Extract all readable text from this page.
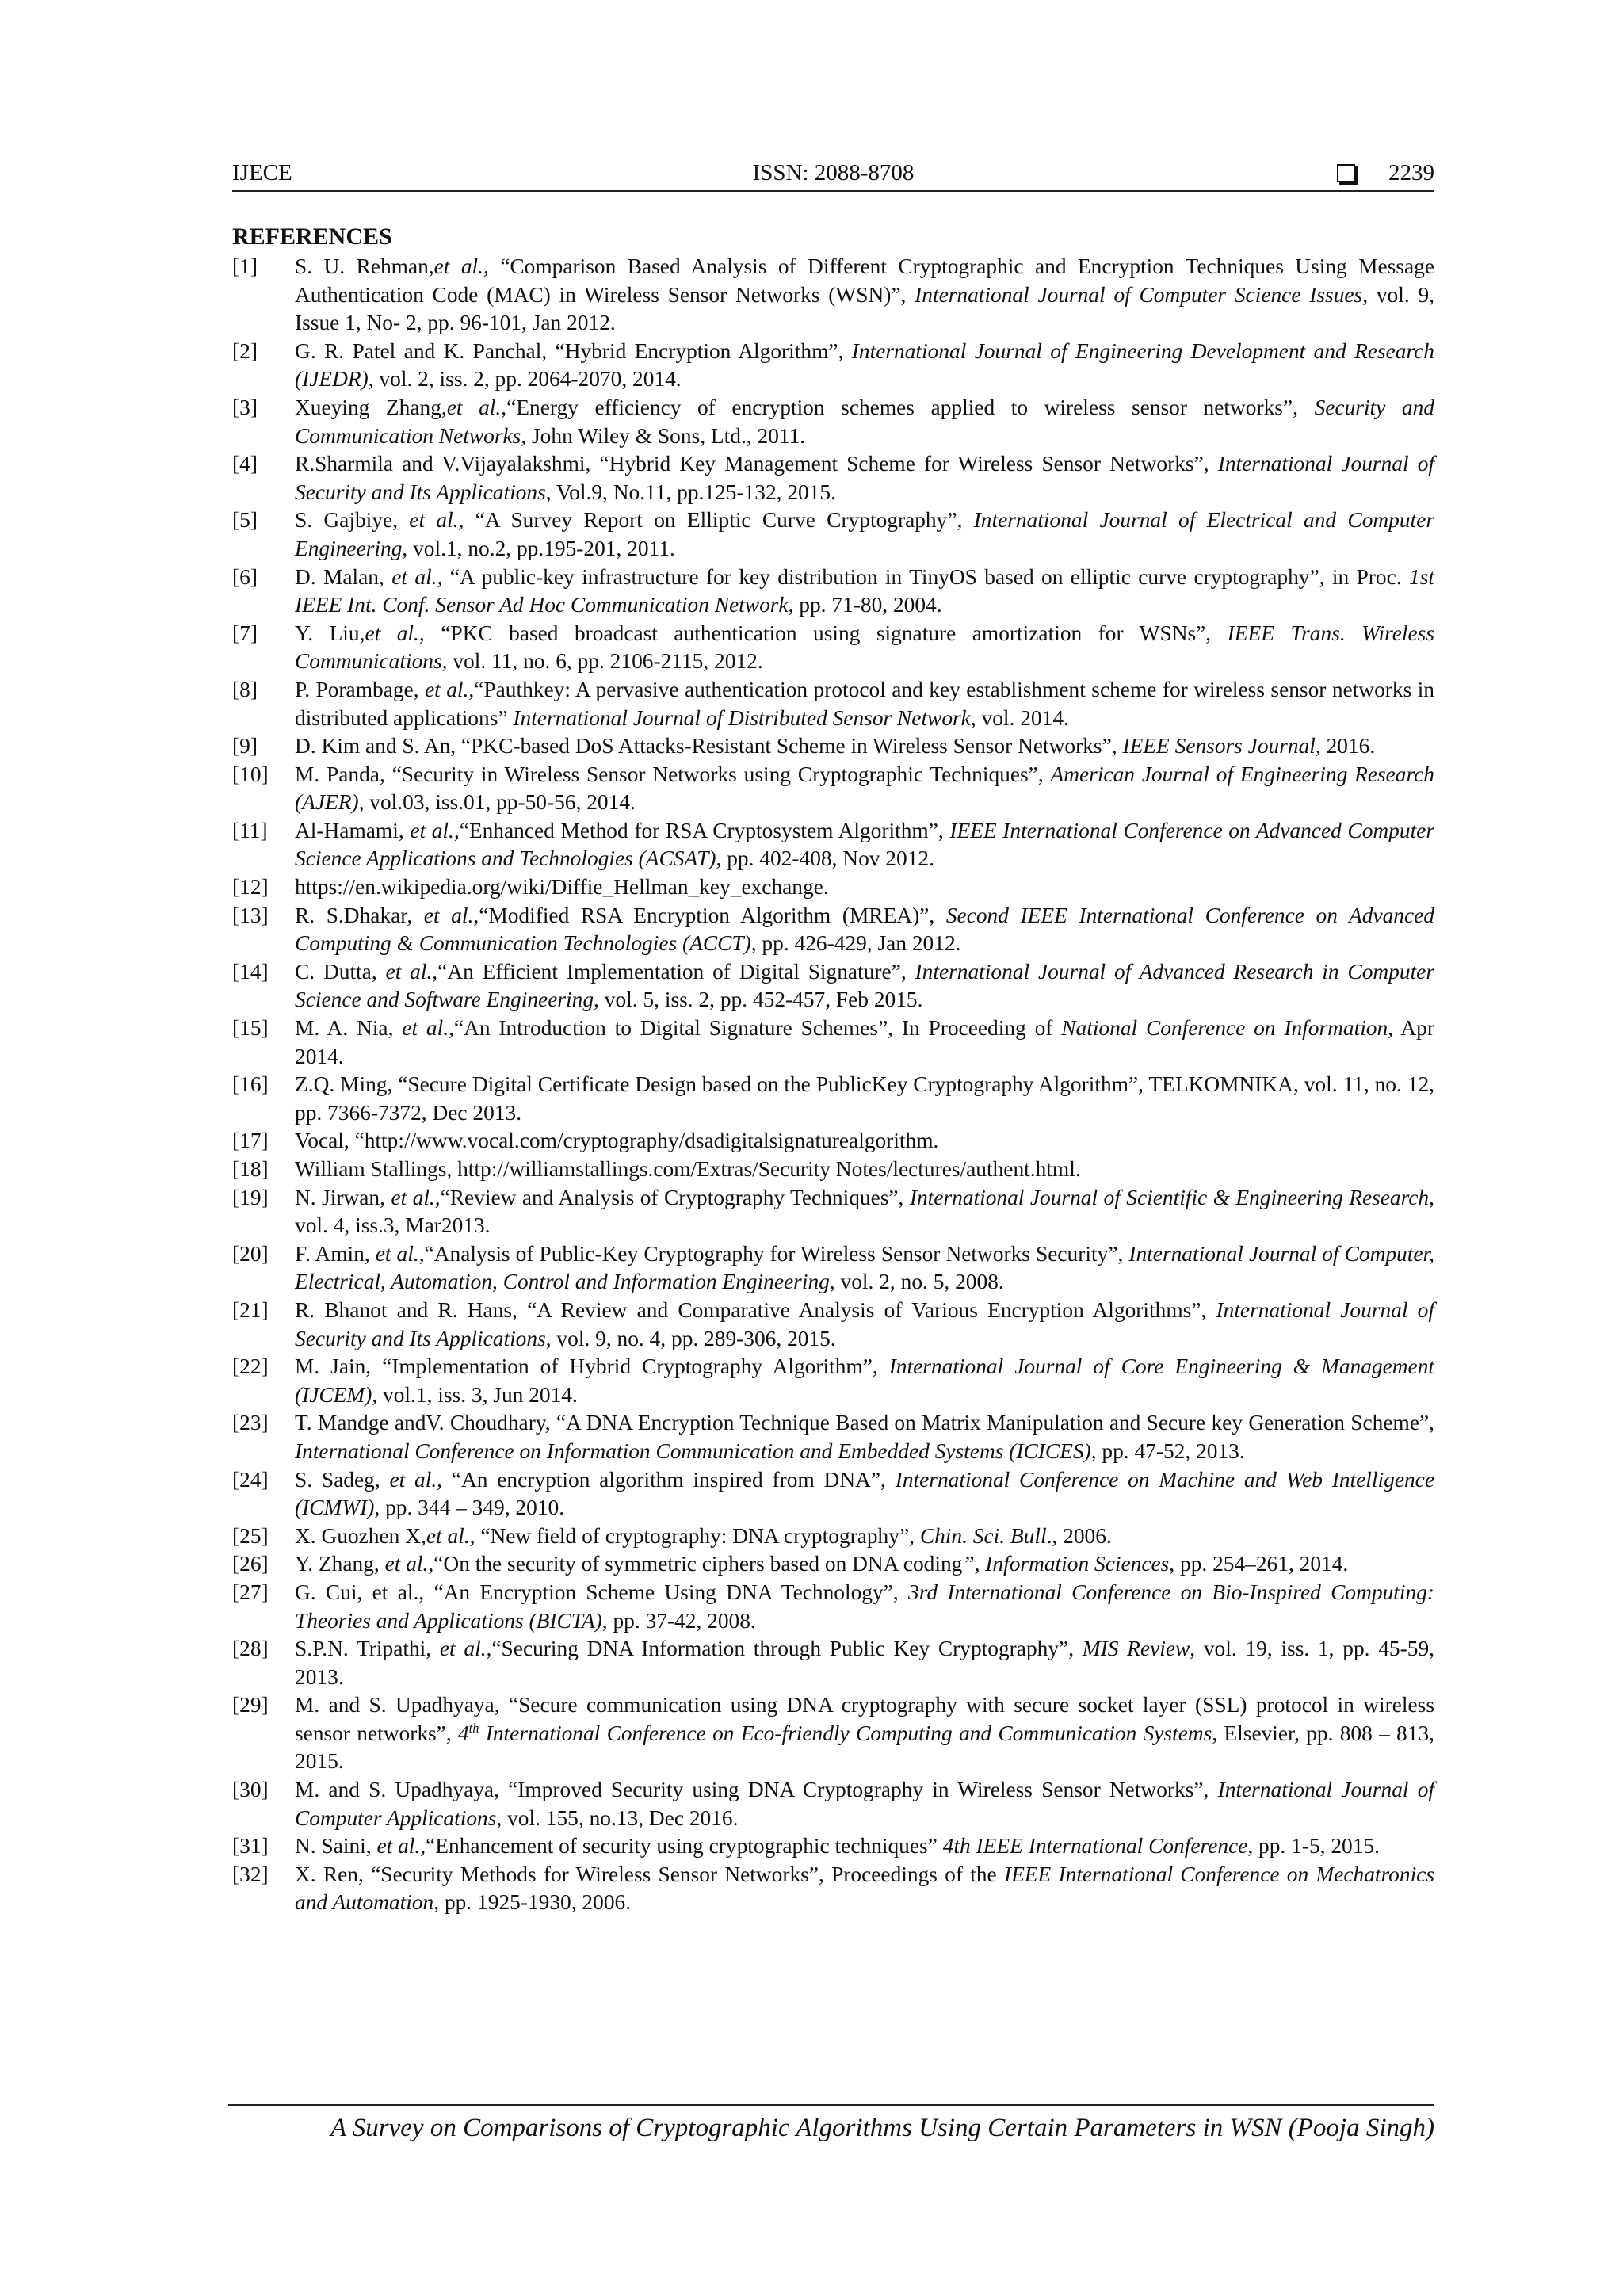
IJECE	ISSN: 2088-8708	2239
REFERENCES
[1]	S. U. Rehman,et al., “Comparison Based Analysis of Different Cryptographic and Encryption Techniques Using Message Authentication Code (MAC) in Wireless Sensor Networks (WSN)”, International Journal of Computer Science Issues, vol. 9, Issue 1, No- 2, pp. 96-101, Jan 2012.
[2]	G. R. Patel and K. Panchal, “Hybrid Encryption Algorithm”, International Journal of Engineering Development and Research (IJEDR), vol. 2, iss. 2, pp. 2064-2070, 2014.
[3]	Xueying Zhang,et al.,“Energy efficiency of encryption schemes applied to wireless sensor networks”, Security and Communication Networks, John Wiley & Sons, Ltd., 2011.
[4]	R.Sharmila and V.Vijayalakshmi, “Hybrid Key Management Scheme for Wireless Sensor Networks”, International Journal of Security and Its Applications, Vol.9, No.11, pp.125-132, 2015.
[5]	S. Gajbiye, et al., “A Survey Report on Elliptic Curve Cryptography”, International Journal of Electrical and Computer Engineering, vol.1, no.2, pp.195-201, 2011.
[6]	D. Malan, et al., “A public-key infrastructure for key distribution in TinyOS based on elliptic curve cryptography”, in Proc. 1st IEEE Int. Conf. Sensor Ad Hoc Communication Network, pp. 71-80, 2004.
[7]	Y. Liu,et al., “PKC based broadcast authentication using signature amortization for WSNs”, IEEE Trans. Wireless Communications, vol. 11, no. 6, pp. 2106-2115, 2012.
[8]	P. Porambage, et al.,“Pauthkey: A pervasive authentication protocol and key establishment scheme for wireless sensor networks in distributed applications” International Journal of Distributed Sensor Network, vol. 2014.
[9]	D. Kim and S. An, “PKC-based DoS Attacks-Resistant Scheme in Wireless Sensor Networks”, IEEE Sensors Journal, 2016.
[10]	M. Panda, “Security in Wireless Sensor Networks using Cryptographic Techniques”, American Journal of Engineering Research (AJER), vol.03, iss.01, pp-50-56, 2014.
[11]	Al-Hamami, et al.,“Enhanced Method for RSA Cryptosystem Algorithm”, IEEE International Conference on Advanced Computer Science Applications and Technologies (ACSAT), pp. 402-408, Nov 2012.
[12]	https://en.wikipedia.org/wiki/Diffie_Hellman_key_exchange.
[13]	R. S.Dhakar, et al.,“Modified RSA Encryption Algorithm (MREA)”, Second IEEE International Conference on Advanced Computing & Communication Technologies (ACCT), pp. 426-429, Jan 2012.
[14]	C. Dutta, et al.,“An Efficient Implementation of Digital Signature”, International Journal of Advanced Research in Computer Science and Software Engineering, vol. 5, iss. 2, pp. 452-457, Feb 2015.
[15]	M. A. Nia, et al.,“An Introduction to Digital Signature Schemes”, In Proceeding of National Conference on Information, Apr 2014.
[16]	Z.Q. Ming, “Secure Digital Certificate Design based on the PublicKey Cryptography Algorithm”, TELKOMNIKA, vol. 11, no. 12, pp. 7366-7372, Dec 2013.
[17]	Vocal, “http://www.vocal.com/cryptography/dsadigitalsignaturealgorithm.
[18]	William Stallings, http://williamstallings.com/Extras/Security Notes/lectures/authent.html.
[19]	N. Jirwan, et al.,“Review and Analysis of Cryptography Techniques”, International Journal of Scientific & Engineering Research, vol. 4, iss.3, Mar2013.
[20]	F. Amin, et al.,“Analysis of Public-Key Cryptography for Wireless Sensor Networks Security”, International Journal of Computer, Electrical, Automation, Control and Information Engineering, vol. 2, no. 5, 2008.
[21]	R. Bhanot and R. Hans, “A Review and Comparative Analysis of Various Encryption Algorithms”, International Journal of Security and Its Applications, vol. 9, no. 4, pp. 289-306, 2015.
[22]	M. Jain, “Implementation of Hybrid Cryptography Algorithm”, International Journal of Core Engineering & Management (IJCEM), vol.1, iss. 3, Jun 2014.
[23]	T. Mandge andV. Choudhary, “A DNA Encryption Technique Based on Matrix Manipulation and Secure key Generation Scheme”, International Conference on Information Communication and Embedded Systems (ICICES), pp. 47-52, 2013.
[24]	S. Sadeg, et al., “An encryption algorithm inspired from DNA”, International Conference on Machine and Web Intelligence (ICMWI), pp. 344 – 349, 2010.
[25]	X. Guozhen X,et al., “New field of cryptography: DNA cryptography”, Chin. Sci. Bull., 2006.
[26]	Y. Zhang, et al.,“On the security of symmetric ciphers based on DNA coding”, Information Sciences, pp. 254–261, 2014.
[27]	G. Cui, et al., “An Encryption Scheme Using DNA Technology”, 3rd International Conference on Bio-Inspired Computing: Theories and Applications (BICTA), pp. 37-42, 2008.
[28]	S.P.N. Tripathi, et al.,“Securing DNA Information through Public Key Cryptography”, MIS Review, vol. 19, iss. 1, pp. 45-59, 2013.
[29]	M. and S. Upadhyaya, “Secure communication using DNA cryptography with secure socket layer (SSL) protocol in wireless sensor networks”, 4th International Conference on Eco-friendly Computing and Communication Systems, Elsevier, pp. 808 – 813, 2015.
[30]	M. and S. Upadhyaya, “Improved Security using DNA Cryptography in Wireless Sensor Networks”, International Journal of Computer Applications, vol. 155, no.13, Dec 2016.
[31]	N. Saini, et al.,“Enhancement of security using cryptographic techniques” 4th IEEE International Conference, pp. 1-5, 2015.
[32]	X. Ren, “Security Methods for Wireless Sensor Networks”, Proceedings of the IEEE International Conference on Mechatronics and Automation, pp. 1925-1930, 2006.
A Survey on Comparisons of Cryptographic Algorithms Using Certain Parameters in WSN (Pooja Singh)
